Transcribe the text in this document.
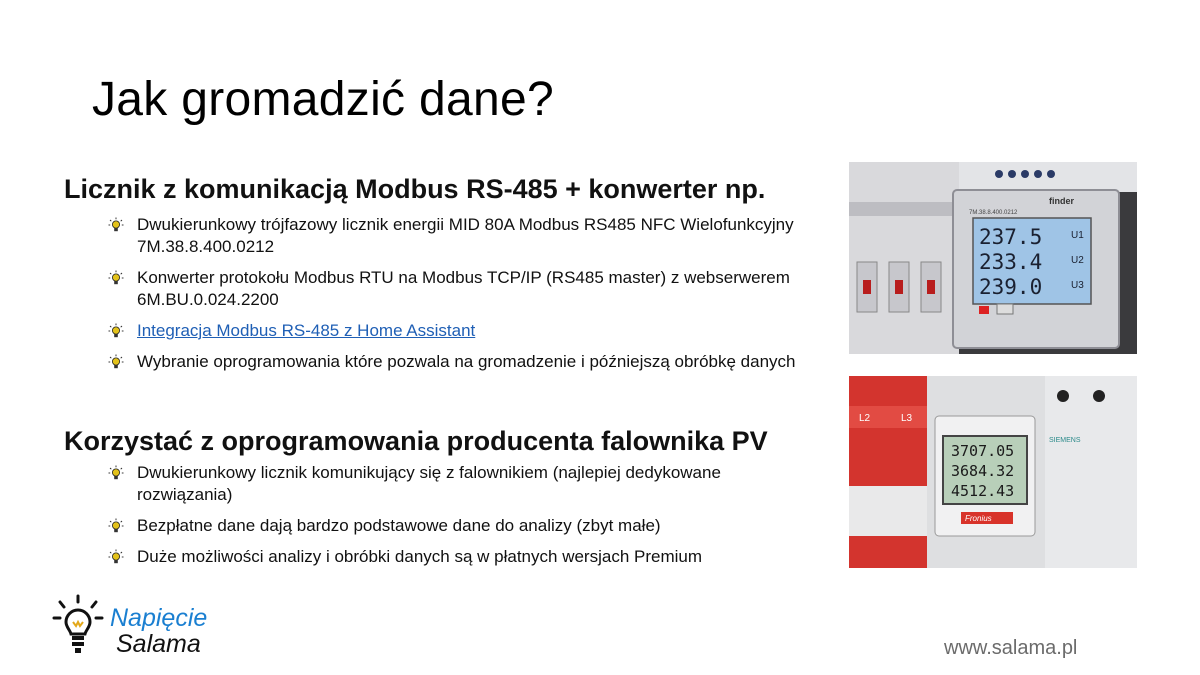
Jak gromadzić dane?
Licznik z komunikacją Modbus RS-485 + konwerter np.
Dwukierunkowy trójfazowy licznik energii MID 80A Modbus RS485 NFC Wielofunkcyjny 7M.38.8.400.0212
Konwerter protokołu Modbus RTU na Modbus TCP/IP (RS485 master) z webserwerem 6M.BU.0.024.2200
Integracja Modbus RS-485 z Home Assistant
Wybranie oprogramowania które pozwala na gromadzenie i późniejszą obróbkę danych
Korzystać z oprogramowania producenta falownika PV
Dwukierunkowy licznik komunikujący się z falownikiem (najlepiej dedykowane rozwiązania)
Bezpłatne dane dają bardzo podstawowe dane do analizy (zbyt małe)
Duże możliwości analizy i obróbki danych są w płatnych wersjach Premium
finder
7M.38.8.400.0212
237.5	U1
233.4	U2
239.0	U3
L2	L3
3707.05
3684.32
4512.43
Fronius
SIEMENS
Napięcie
Salama	www.salama.pl
